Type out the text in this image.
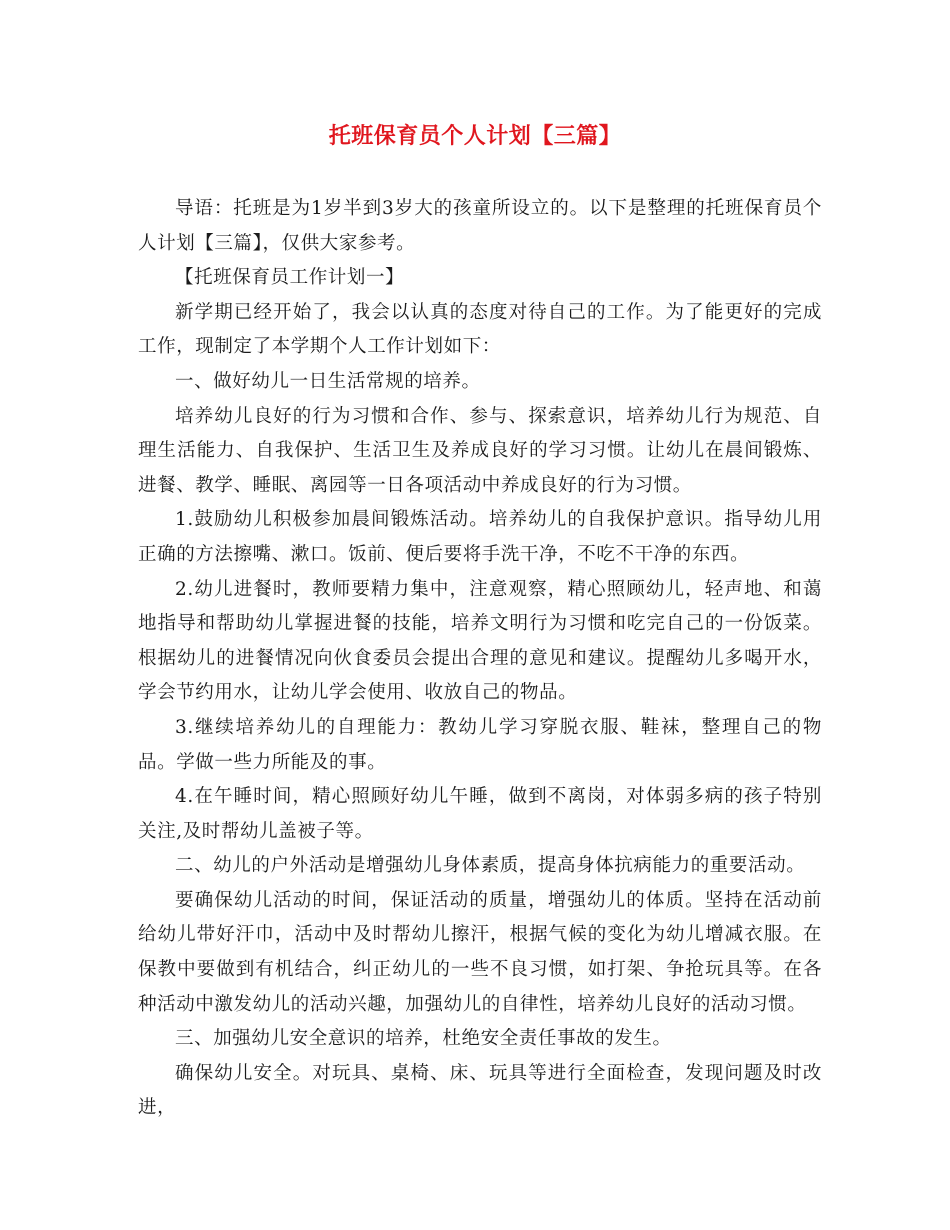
托班保育员个人计划【三篇】

导语：托班是为1岁半到3岁大的孩童所设立的。以下是整理的托班保育员个人计划【三篇】，仅供大家参考。

【托班保育员工作计划一】

新学期已经开始了，我会以认真的态度对待自己的工作。为了能更好的完成工作，现制定了本学期个人工作计划如下：

一、做好幼儿一日生活常规的培养。

培养幼儿良好的行为习惯和合作、参与、探索意识，培养幼儿行为规范、自理生活能力、自我保护、生活卫生及养成良好的学习习惯。让幼儿在晨间锻炼、进餐、教学、睡眠、离园等一日各项活动中养成良好的行为习惯。

1.鼓励幼儿积极参加晨间锻炼活动。培养幼儿的自我保护意识。指导幼儿用正确的方法擦嘴、漱口。饭前、便后要将手洗干净，不吃不干净的东西。

2.幼儿进餐时，教师要精力集中，注意观察，精心照顾幼儿，轻声地、和蔼地指导和帮助幼儿掌握进餐的技能，培养文明行为习惯和吃完自己的一份饭菜。根据幼儿的进餐情况向伙食委员会提出合理的意见和建议。提醒幼儿多喝开水，学会节约用水，让幼儿学会使用、收放自己的物品。

3.继续培养幼儿的自理能力：教幼儿学习穿脱衣服、鞋袜，整理自己的物品。学做一些力所能及的事。

4.在午睡时间，精心照顾好幼儿午睡，做到不离岗，对体弱多病的孩子特别关注,及时帮幼儿盖被子等。

二、幼儿的户外活动是增强幼儿身体素质，提高身体抗病能力的重要活动。

要确保幼儿活动的时间，保证活动的质量，增强幼儿的体质。坚持在活动前给幼儿带好汗巾，活动中及时帮幼儿擦汗，根据气候的变化为幼儿增减衣服。在保教中要做到有机结合，纠正幼儿的一些不良习惯，如打架、争抢玩具等。在各种活动中激发幼儿的活动兴趣，加强幼儿的自律性，培养幼儿良好的活动习惯。

三、加强幼儿安全意识的培养，杜绝安全责任事故的发生。

确保幼儿安全。对玩具、桌椅、床、玩具等进行全面检查，发现问题及时改进，
